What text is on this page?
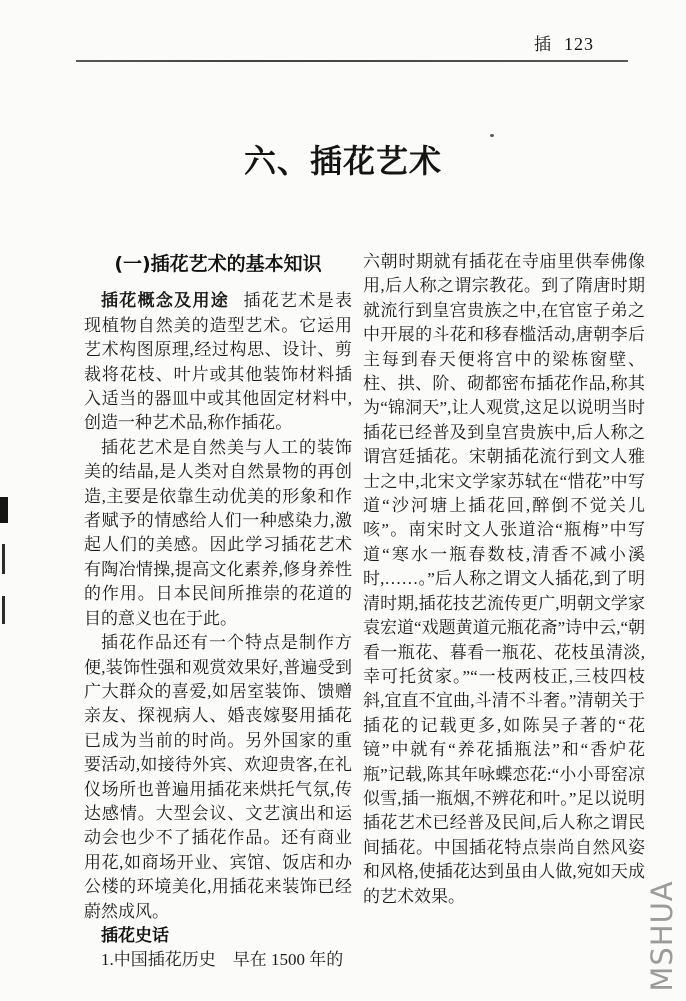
插 123
六、插花艺术
(一)插花艺术的基本知识

插花概念及用途 插花艺术是表现植物自然美的造型艺术。它运用艺术构图原理,经过构思、设计、剪裁将花枝、叶片或其他装饰材料插入适当的器皿中或其他固定材料中,创造一种艺术品,称作插花。

插花艺术是自然美与人工的装饰美的结晶,是人类对自然景物的再创造,主要是依靠生动优美的形象和作者赋予的情感给人们一种感染力,激起人们的美感。因此学习插花艺术有陶冶情操,提高文化素养,修身养性的作用。日本民间所推崇的花道的目的意义也在于此。

插花作品还有一个特点是制作方便,装饰性强和观赏效果好,普遍受到广大群众的喜爱,如居室装饰、馈赠亲友、探视病人、婚丧嫁娶用插花已成为当前的时尚。另外国家的重要活动,如接待外宾、欢迎贵客,在礼仪场所也普遍用插花来烘托气氛,传达感情。大型会议、文艺演出和运动会也少不了插花作品。还有商业用花,如商场开业、宾馆、饭店和办公楼的环境美化,用插花来装饰已经蔚然成风。

插花史话

1.中国插花历史 早在 1500 年的

六朝时期就有插花在寺庙里供奉佛像用,后人称之谓宗教花。到了隋唐时期就流行到皇宫贵族之中,在官宦子弟之中开展的斗花和移春槛活动,唐朝李后主每到春天便将宫中的梁栋窗壁、柱、拱、阶、砌都密布插花作品,称其为“锦洞天”,让人观赏,这足以说明当时插花已经普及到皇宫贵族中,后人称之谓宫廷插花。宋朝插花流行到文人雅士之中,北宋文学家苏轼在“惜花”中写道“沙河塘上插花回,醉倒不觉关儿咳”。南宋时文人张道洽“瓶梅”中写道“寒水一瓶春数枝,清香不减小溪时,……。”后人称之谓文人插花,到了明清时期,插花技艺流传更广,明朝文学家袁宏道“戏题黄道元瓶花斋”诗中云,“朝看一瓶花、暮看一瓶花、花枝虽清淡,幸可托贫家。”“一枝两枝正,三枝四枝斜,宜直不宜曲,斗清不斗奢。”清朝关于插花的记载更多,如陈吴子著的“花镜”中就有“养花插瓶法”和“香炉花瓶”记载,陈其年咏蝶恋花:“小小哥窑凉似雪,插一瓶烟,不辨花和叶。”足以说明插花艺术已经普及民间,后人称之谓民间插花。中国插花特点崇尚自然风姿和风格,使插花达到虽由人做,宛如天成的艺术效果。	MSHUA
